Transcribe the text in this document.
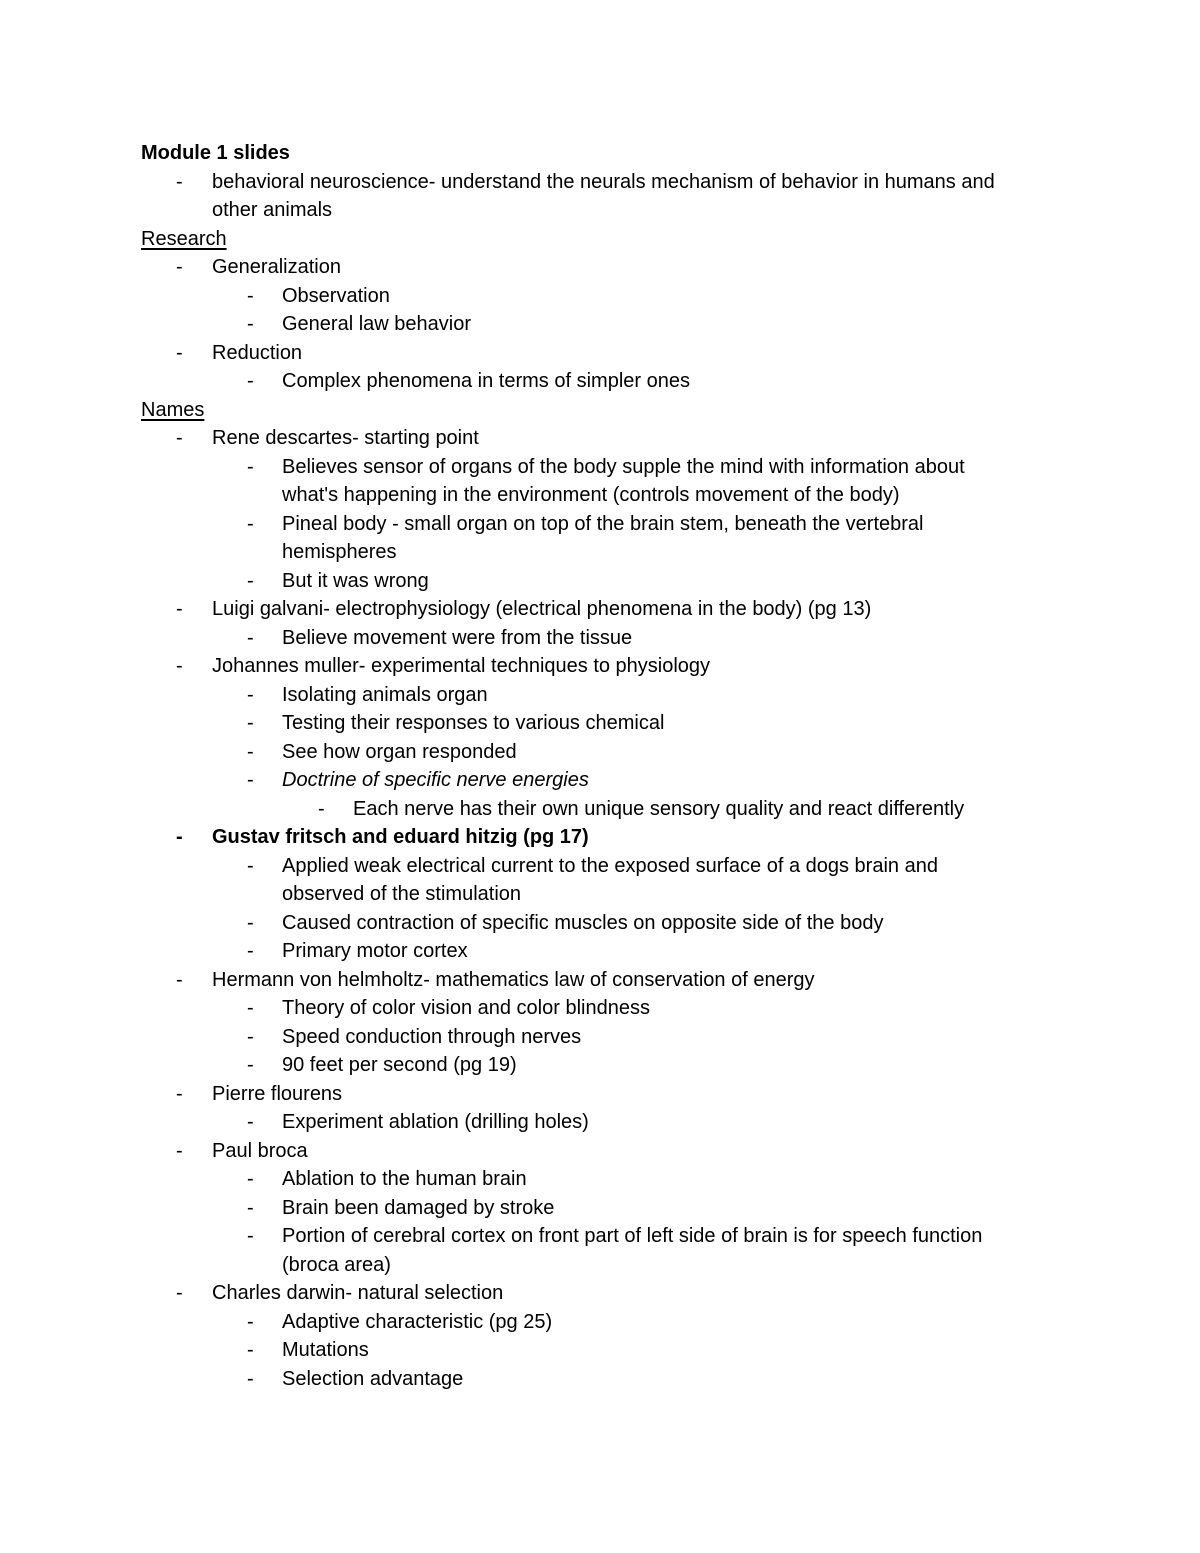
Module 1 slides
- behavioral neuroscience- understand the neurals mechanism of behavior in humans and
other animals
Research
- Generalization
- Observation
- General law behavior
- Reduction
- Complex phenomena in terms of simpler ones
Names
- Rene descartes- starting point
- Believes sensor of organs of the body supple the mind with information about
what's happening in the environment (controls movement of the body)
- Pineal body - small organ on top of the brain stem, beneath the vertebral
hemispheres
- But it was wrong
- Luigi galvani- electrophysiology (electrical phenomena in the body) (pg 13)
- Believe movement were from the tissue
- Johannes muller- experimental techniques to physiology
- Isolating animals organ
- Testing their responses to various chemical
- See how organ responded
- Doctrine of specific nerve energies
- Each nerve has their own unique sensory quality and react differently
- Gustav fritsch and eduard hitzig (pg 17)
- Applied weak electrical current to the exposed surface of a dogs brain and
observed of the stimulation
- Caused contraction of specific muscles on opposite side of the body
- Primary motor cortex
- Hermann von helmholtz- mathematics law of conservation of energy
- Theory of color vision and color blindness
- Speed conduction through nerves
- 90 feet per second (pg 19)
- Pierre flourens
- Experiment ablation (drilling holes)
- Paul broca
- Ablation to the human brain
- Brain been damaged by stroke
- Portion of cerebral cortex on front part of left side of brain is for speech function
(broca area)
- Charles darwin- natural selection
- Adaptive characteristic (pg 25)
- Mutations
- Selection advantage
